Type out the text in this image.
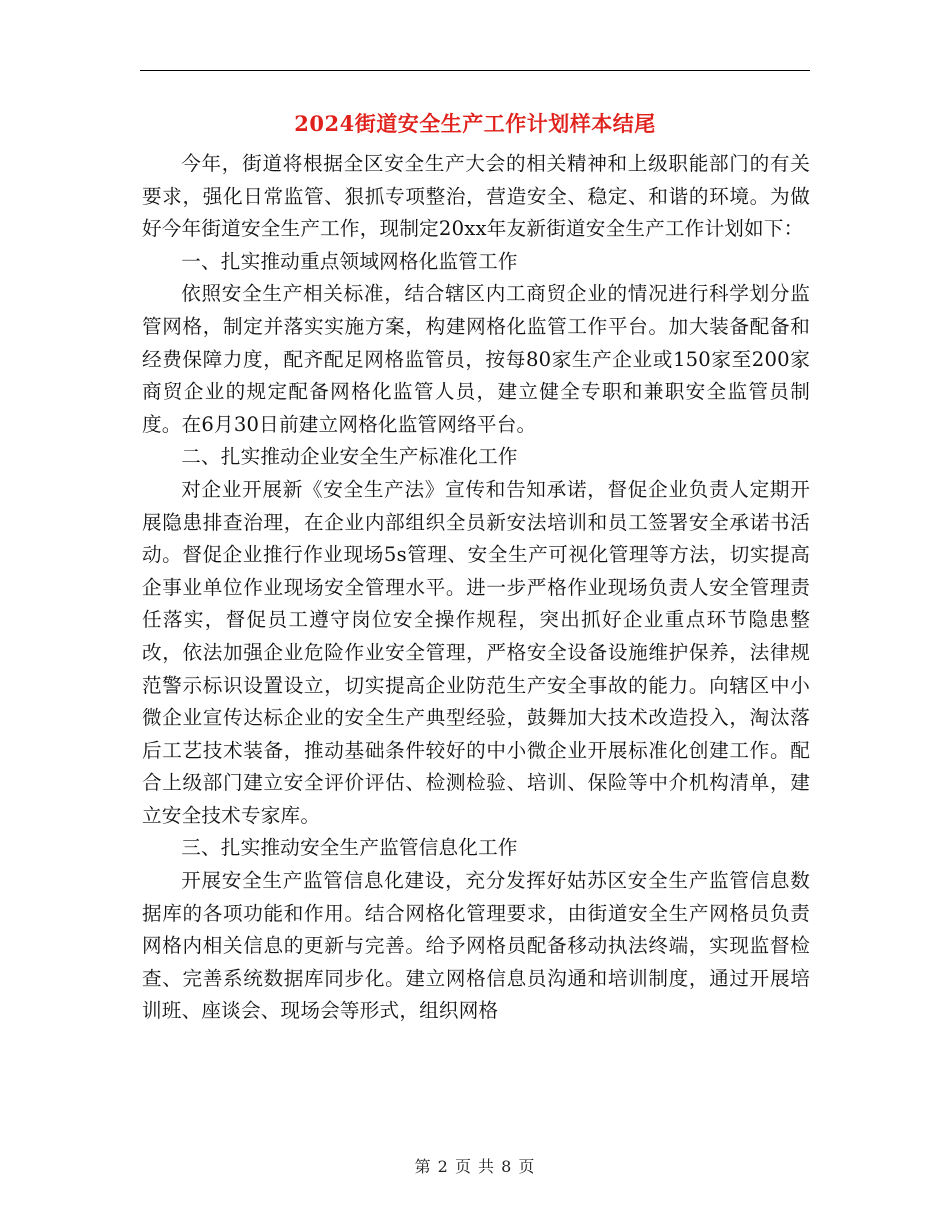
2024街道安全生产工作计划样本结尾

今年，街道将根据全区安全生产大会的相关精神和上级职能部门的有关要求，强化日常监管、狠抓专项整治，营造安全、稳定、和谐的环境。为做好今年街道安全生产工作，现制定20xx年友新街道安全生产工作计划如下：

一、扎实推动重点领域网格化监管工作

依照安全生产相关标准，结合辖区内工商贸企业的情况进行科学划分监管网格，制定并落实实施方案，构建网格化监管工作平台。加大装备配备和经费保障力度，配齐配足网格监管员，按每80家生产企业或150家至200家商贸企业的规定配备网格化监管人员，建立健全专职和兼职安全监管员制度。在6月30日前建立网格化监管网络平台。

二、扎实推动企业安全生产标准化工作

对企业开展新《安全生产法》宣传和告知承诺，督促企业负责人定期开展隐患排查治理，在企业内部组织全员新安法培训和员工签署安全承诺书活动。督促企业推行作业现场5s管理、安全生产可视化管理等方法，切实提高企事业单位作业现场安全管理水平。进一步严格作业现场负责人安全管理责任落实，督促员工遵守岗位安全操作规程，突出抓好企业重点环节隐患整改，依法加强企业危险作业安全管理，严格安全设备设施维护保养，法律规范警示标识设置设立，切实提高企业防范生产安全事故的能力。向辖区中小微企业宣传达标企业的安全生产典型经验，鼓舞加大技术改造投入，淘汰落后工艺技术装备，推动基础条件较好的中小微企业开展标准化创建工作。配合上级部门建立安全评价评估、检测检验、培训、保险等中介机构清单，建立安全技术专家库。

三、扎实推动安全生产监管信息化工作

开展安全生产监管信息化建设，充分发挥好姑苏区安全生产监管信息数据库的各项功能和作用。结合网格化管理要求，由街道安全生产网格员负责网格内相关信息的更新与完善。给予网格员配备移动执法终端，实现监督检查、完善系统数据库同步化。建立网格信息员沟通和培训制度，通过开展培训班、座谈会、现场会等形式，组织网格

第 2 页 共 8 页
